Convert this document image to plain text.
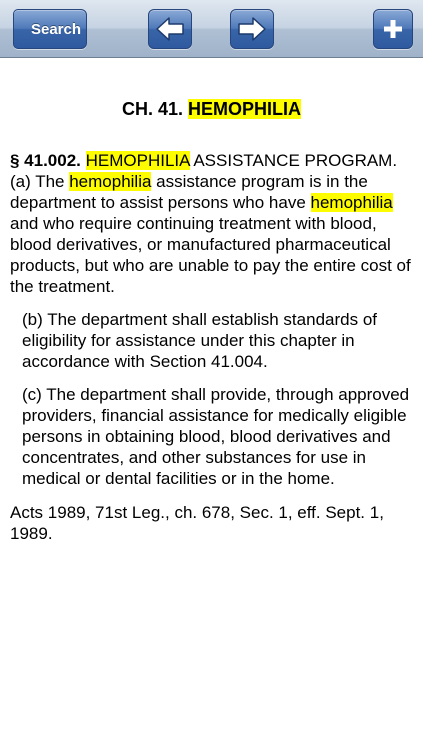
Search
CH. 41. HEMOPHILIA
§ 41.002. HEMOPHILIA ASSISTANCE PROGRAM. (a) The hemophilia assistance program is in the department to assist persons who have hemophilia and who require continuing treatment with blood, blood derivatives, or manufactured pharmaceutical products, but who are unable to pay the entire cost of the treatment.
(b) The department shall establish standards of eligibility for assistance under this chapter in accordance with Section 41.004.
(c) The department shall provide, through approved providers, financial assistance for medically eligible persons in obtaining blood, blood derivatives and concentrates, and other substances for use in medical or dental facilities or in the home.
Acts 1989, 71st Leg., ch. 678, Sec. 1, eff. Sept. 1, 1989.
